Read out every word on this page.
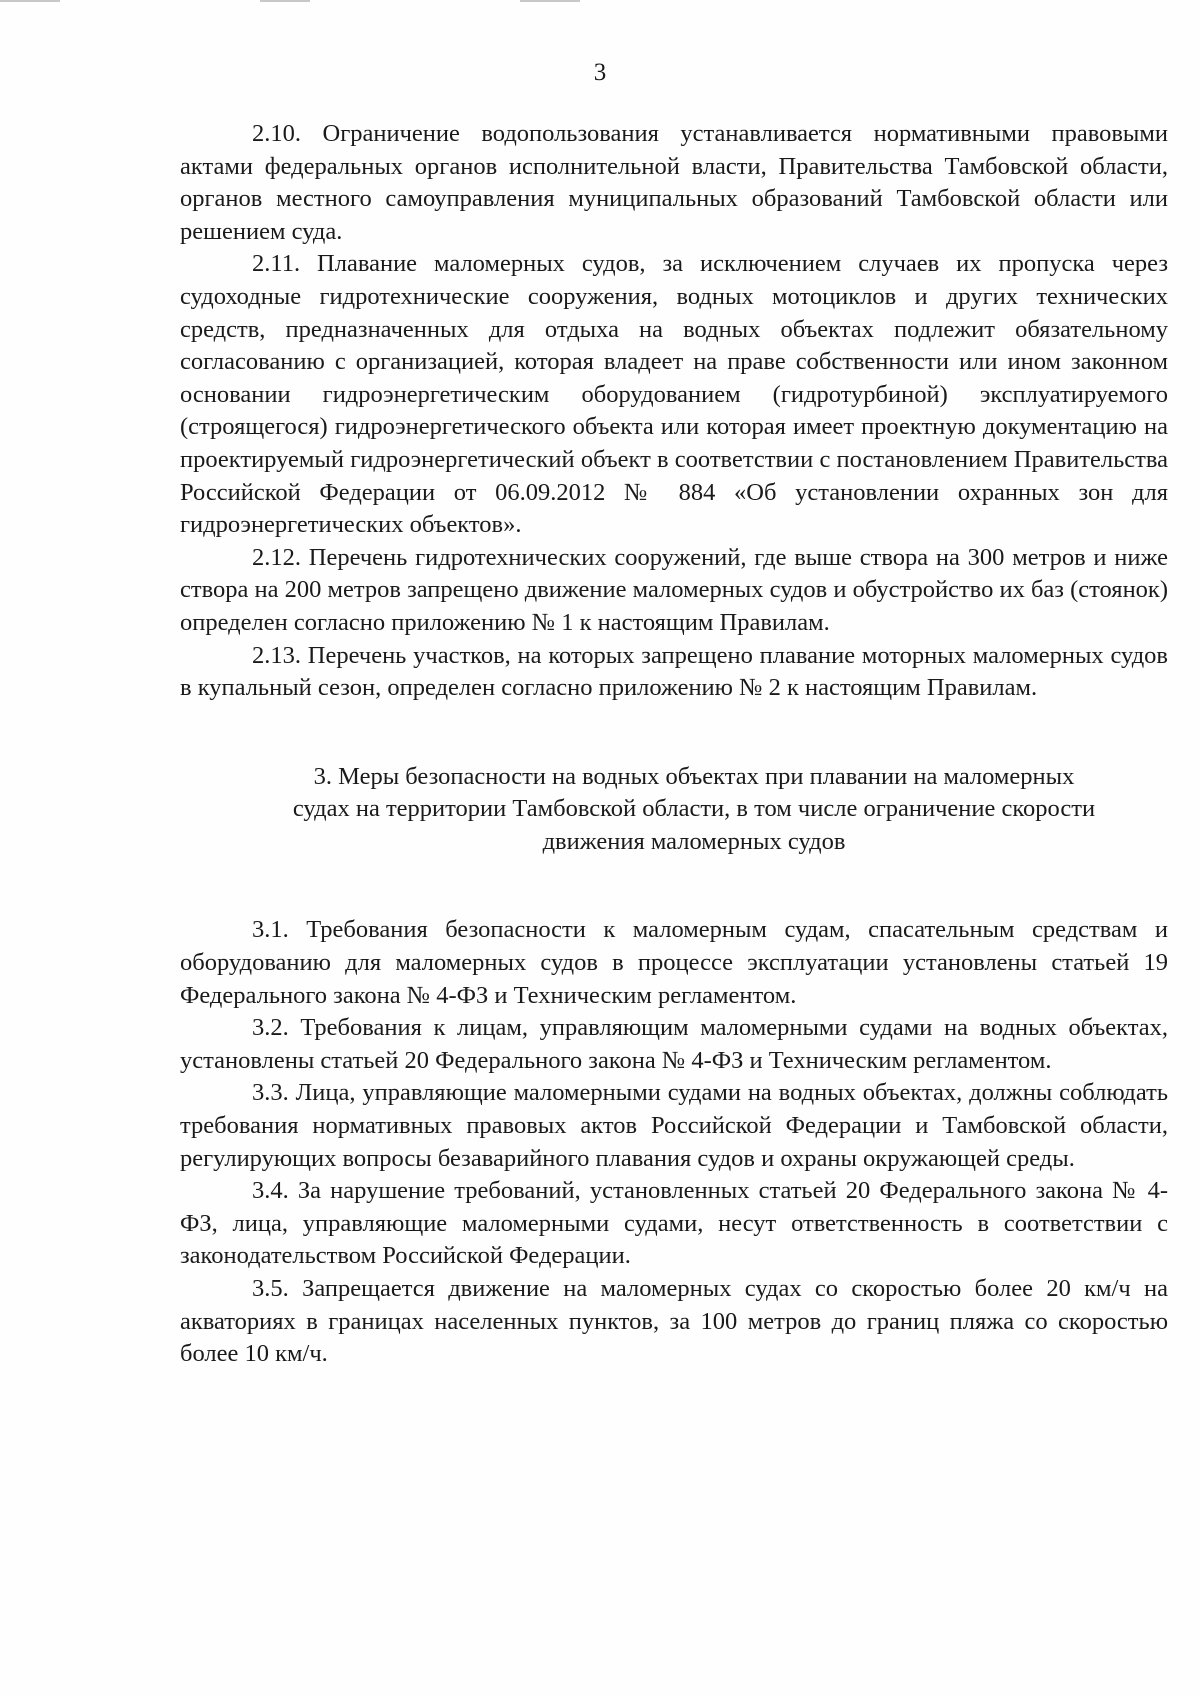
3

2.10. Ограничение водопользования устанавливается нормативными правовыми актами федеральных органов исполнительной власти, Правительства Тамбовской области, органов местного самоуправления муниципальных образований Тамбовской области или решением суда.

2.11. Плавание маломерных судов, за исключением случаев их пропуска через судоходные гидротехнические сооружения, водных мотоциклов и других технических средств, предназначенных для отдыха на водных объектах подлежит обязательному согласованию с организацией, которая владеет на праве собственности или ином законном основании гидроэнергетическим оборудованием (гидротурбиной) эксплуатируемого (строящегося) гидроэнергетического объекта или которая имеет проектную документацию на проектируемый гидроэнергетический объект в соответствии с постановлением Правительства Российской Федерации от 06.09.2012 № 884 «Об установлении охранных зон для гидроэнергетических объектов».

2.12. Перечень гидротехнических сооружений, где выше створа на 300 метров и ниже створа на 200 метров запрещено движение маломерных судов и обустройство их баз (стоянок) определен согласно приложению № 1 к настоящим Правилам.

2.13. Перечень участков, на которых запрещено плавание моторных маломерных судов в купальный сезон, определен согласно приложению № 2 к настоящим Правилам.

3. Меры безопасности на водных объектах при плавании на маломерных
судах на территории Тамбовской области, в том числе ограничение скорости
движения маломерных судов

3.1. Требования безопасности к маломерным судам, спасательным средствам и оборудованию для маломерных судов в процессе эксплуатации установлены статьей 19 Федерального закона № 4-ФЗ и Техническим регламентом.

3.2. Требования к лицам, управляющим маломерными судами на водных объектах, установлены статьей 20 Федерального закона № 4-ФЗ и Техническим регламентом.

3.3. Лица, управляющие маломерными судами на водных объектах, должны соблюдать требования нормативных правовых актов Российской Федерации и Тамбовской области, регулирующих вопросы безаварийного плавания судов и охраны окружающей среды.

3.4. За нарушение требований, установленных статьей 20 Федерального закона № 4-ФЗ, лица, управляющие маломерными судами, несут ответственность в соответствии с законодательством Российской Федерации.

3.5. Запрещается движение на маломерных судах со скоростью более 20 км/ч на акваториях в границах населенных пунктов, за 100 метров до границ пляжа со скоростью более 10 км/ч.
